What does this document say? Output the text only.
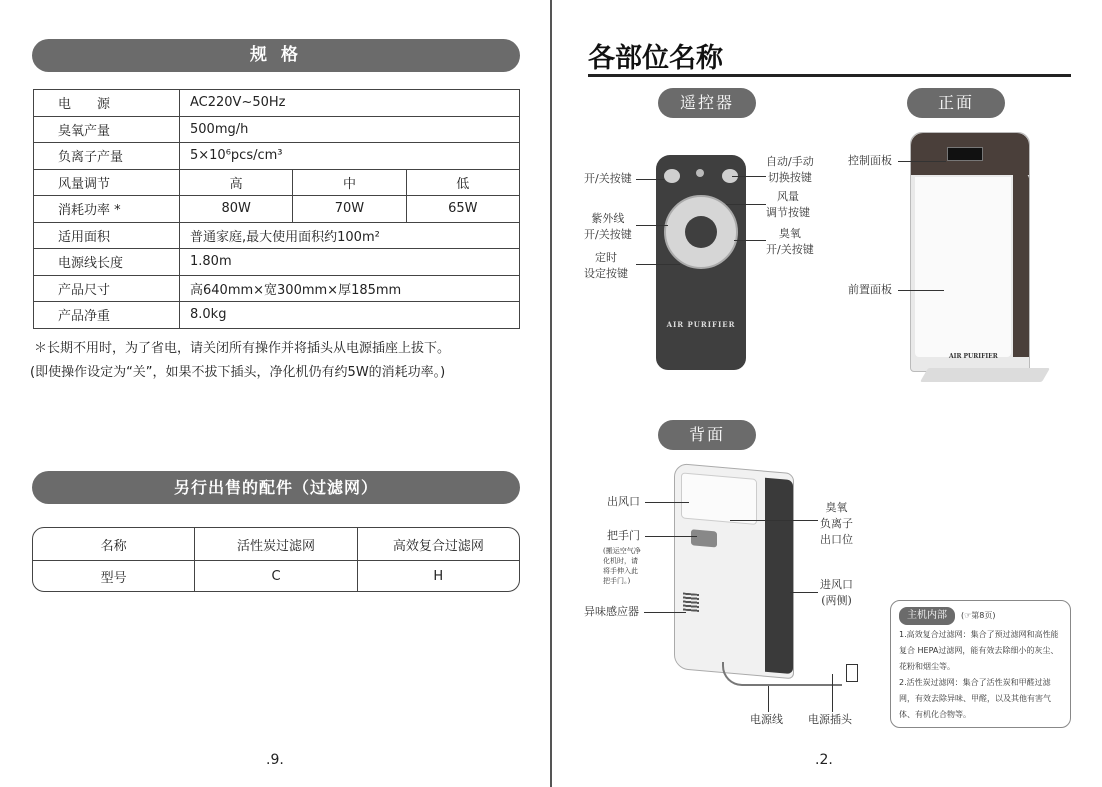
规 格
电　　源	AC220V~50Hz		
臭氧产量	500mg/h		
负离子产量	5×10⁶pcs/cm³		
风量调节	高	中	低
消耗功率 *	80W	70W	65W
适用面积	普通家庭,最大使用面积约100m²		
电源线长度	1.80m		
产品尺寸	高640mm×宽300mm×厚185mm		
产品净重	8.0kg		
＊长期不用时，为了省电，请关闭所有操作并将插头从电源插座上拔下。
(即使操作设定为“关”，如果不拔下插头，净化机仍有约5W的消耗功率。)
另行出售的配件（过滤网）
名称	活性炭过滤网	高效复合过滤网
型号	C	H
.9.
各部位名称
遥控器	正面
背面
AIR PURIFIER
开/关按键
紫外线
开/关按键
定时
设定按键
自动/手动
切换按键
风量
调节按键
臭氧
开/关按键
AIR PURIFIER
控制面板
前置面板
出风口
把手门
(搬运空气净
化机时，请
将手伸入此
把手门。)
异味感应器
臭氧
负离子
出口位
进风口
(两侧)
电源线 电源插头
主机内部	(☞第8页)
1.高效复合过滤网：集合了预过滤网和高性能复合 HEPA过滤网，能有效去除细小的灰尘、花粉和烟尘等。
2.活性炭过滤网：集合了活性炭和甲醛过滤网，有效去除异味、甲醛，以及其他有害气体、有机化合物等。
.2.
